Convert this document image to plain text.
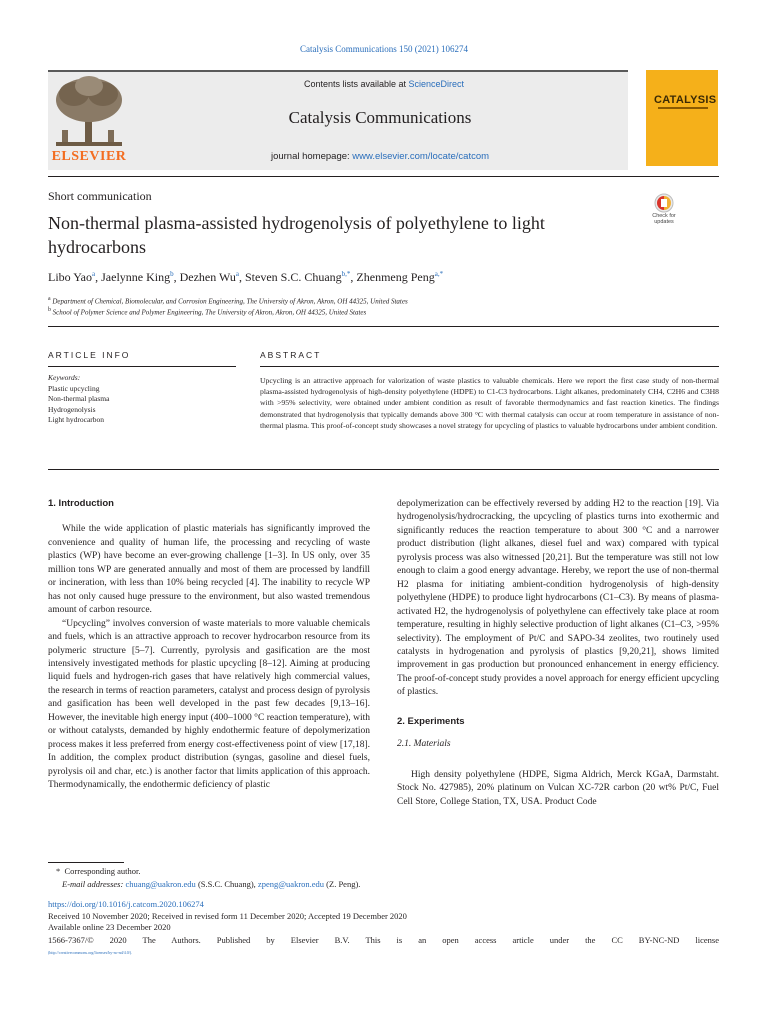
Catalysis Communications 150 (2021) 106274
ELSEVIER
Contents lists available at ScienceDirect
Catalysis Communications
journal homepage: www.elsevier.com/locate/catcom
CATALYSIS
Short communication
Non-thermal plasma-assisted hydrogenolysis of polyethylene to light hydrocarbons
Check for updates
Libo Yao$^a$, Jaelynne King$^b$, Dezhen Wu$^a$, Steven S.C. Chuang$^{b,*}$, Zhenmeng Peng$^{a,*}$
$^a$ Department of Chemical, Biomolecular, and Corrosion Engineering, The University of Akron, Akron, OH 44325, United States
$^b$ School of Polymer Science and Polymer Engineering, The University of Akron, Akron, OH 44325, United States
ARTICLE INFO	ABSTRACT
Keywords:
Plastic upcycling
Non-thermal plasma
Hydrogenolysis
Light hydrocarbon
Upcycling is an attractive approach for valorization of waste plastics to valuable chemicals. Here we report the first case study of non-thermal plasma-assisted hydrogenolysis of high-density polyethylene (HDPE) to C1-C3 hydrocarbons. Light alkanes, predominately CH4, C2H6 and C3H8 with >95% selectivity, were obtained under ambient condition as result of favorable thermodynamics and fast reaction kinetics. The findings demonstrated that hydrogenolysis that typically demands above 300 °C with thermal catalysis can occur at room temperature in assistance of non-thermal plasma. This proof-of-concept study showcases a novel strategy for upcycling of plastics to valuable hydrocarbons under ambient condition.

1. Introduction

While the wide application of plastic materials has significantly improved the convenience and quality of human life, the processing and recycling of waste plastics (WP) have become an ever-growing challenge [1–3]. In US only, over 35 million tons WP are generated annually and most of them are processed by landfill or incineration, with less than 10% being recycled [4]. The inability to recycle WP has not only caused huge pressure to the environment, but also wasted tremendous amount of carbon resource.

“Upcycling” involves conversion of waste materials to more valuable chemicals and fuels, which is an attractive approach to recover hydrocarbon resource from its polymeric structure [5–7]. Currently, pyrolysis and gasification are the most intensively investigated methods for plastic upcycling [8–12]. Aiming at producing liquid fuels and hydrogen-rich gases that have relatively high commercial values, the research in terms of reaction parameters, catalyst and process design of pyrolysis and gasification has been well developed in the past few decades [9,13–16]. However, the inevitable high energy input (400–1000 °C reaction temperature), with or without catalysts, demanded by highly endothermic feature of depolymerization process makes it less preferred from energy cost-effectiveness point of view [17,18]. In addition, the complex product distribution (syngas, gasoline and diesel fuels, pyrolysis oil and char, etc.) is another factor that limits application of this approach. Thermodynamically, the endothermic deficiency of plastic

depolymerization can be effectively reversed by adding H2 to the reaction [19]. Via hydrogenolysis/hydrocracking, the upcycling of plastics turns into exothermic and significantly reduces the reaction temperature to about 300 °C and a narrower product distribution (light alkanes, diesel fuel and wax) compared with typical pyrolysis process was also witnessed [20,21]. But the temperature was still not low enough to claim a good energy advantage. Hereby, we report the use of non-thermal H2 plasma for initiating ambient-condition hydrogenolysis of high-density polyethylene (HDPE) to produce light hydrocarbons (C1–C3). By means of plasma-activated H2, the hydrogenolysis of polyethylene can effectively take place at room temperature, resulting in highly selective production of light alkanes (C1–C3, >95% selectivity). The employment of Pt/C and SAPO-34 zeolites, two routinely used catalysts in hydrogenation and pyrolysis of plastics [9,20,21], shows limited improvement in gas production but pronounced enhancement in energy efficiency. The proof-of-concept study provides a novel approach for energy efficient upcycling of plastics.

2. Experiments

2.1. Materials

High density polyethylene (HDPE, Sigma Aldrich, Merck KGaA, Darmstaht. Stock No. 427985), 20% platinum on Vulcan XC-72R carbon (20 wt% Pt/C, Fuel Cell Store, College Station, TX, USA. Product Code

*  Corresponding author.
E-mail addresses: chuang@uakron.edu (S.S.C. Chuang), zpeng@uakron.edu (Z. Peng).
https://doi.org/10.1016/j.catcom.2020.106274
Received 10 November 2020; Received in revised form 11 December 2020; Accepted 19 December 2020
Available online 23 December 2020
1566-7367/© 2020 The Authors. Published by Elsevier B.V. This is an open access article under the CC BY-NC-ND license
(http://creativecommons.org/licenses/by-nc-nd/4.0/).
